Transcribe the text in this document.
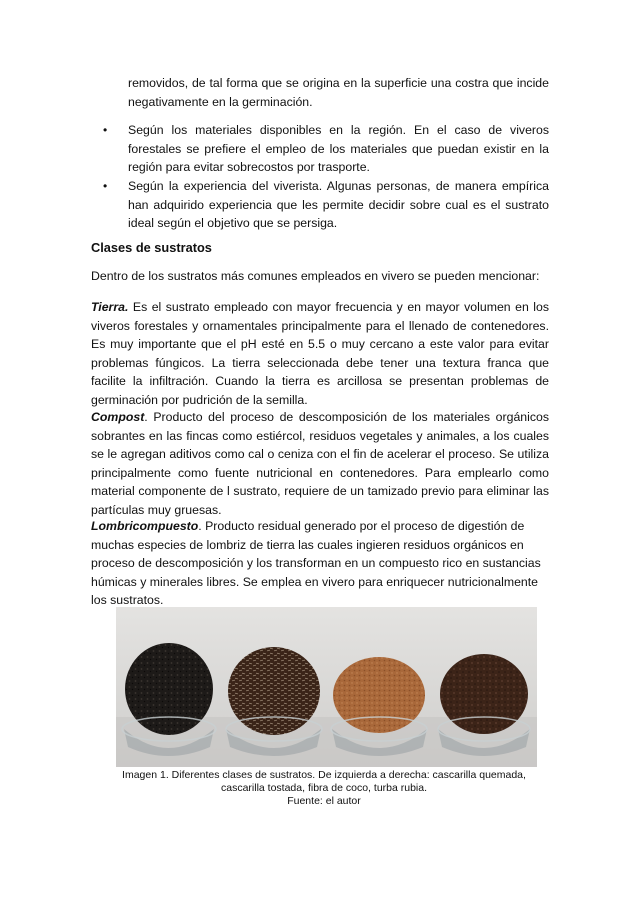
removidos, de tal forma que se origina en la superficie una costra que incide negativamente en la germinación.

• Según los materiales disponibles en la región. En el caso de viveros forestales se prefiere el empleo de los materiales que puedan existir en la región para evitar sobrecostos por trasporte.

• Según la experiencia del viverista. Algunas personas, de manera empírica han adquirido experiencia que les permite decidir sobre cual es el sustrato ideal según el objetivo que se persiga.

Clases de sustratos

Dentro de los sustratos más comunes empleados en vivero se pueden mencionar:

Tierra. Es el sustrato empleado con mayor frecuencia y en mayor volumen en los viveros forestales y ornamentales principalmente para el llenado de contenedores. Es muy importante que el pH esté en 5.5 o muy cercano a este valor para evitar problemas fúngicos. La tierra seleccionada debe tener una textura franca que facilite la infiltración. Cuando la tierra es arcillosa se presentan problemas de germinación por pudrición de la semilla.

Compost. Producto del proceso de descomposición de los materiales orgánicos sobrantes en las fincas como estiércol, residuos vegetales y animales, a los cuales se le agregan aditivos como cal o ceniza con el fin de acelerar el proceso. Se utiliza principalmente como fuente nutricional en contenedores. Para emplearlo como material componente de l sustrato, requiere de un tamizado previo para eliminar las partículas muy gruesas.

Lombricompuesto. Producto residual generado por el proceso de digestión de muchas especies de lombriz de tierra las cuales ingieren residuos orgánicos en proceso de descomposición y los transforman en un compuesto rico en sustancias húmicas y minerales libres. Se emplea en vivero para enriquecer nutricionalmente los sustratos.

Imagen 1. Diferentes clases de sustratos. De izquierda a derecha: cascarilla quemada,
cascarilla tostada, fibra de coco, turba rubia.
Fuente: el autor
